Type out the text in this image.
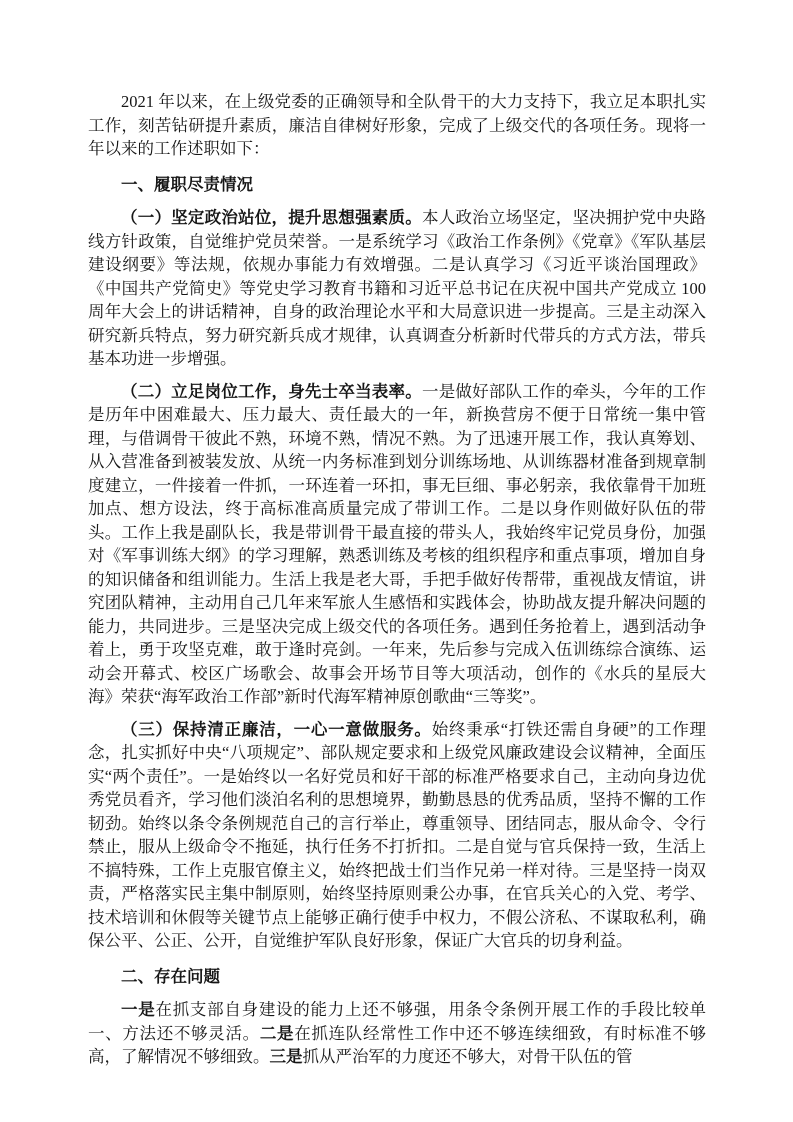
2021 年以来，在上级党委的正确领导和全队骨干的大力支持下，我立足本职扎实工作，刻苦钻研提升素质，廉洁自律树好形象，完成了上级交代的各项任务。现将一年以来的工作述职如下：

一、履职尽责情况

（一）坚定政治站位，提升思想强素质。本人政治立场坚定，坚决拥护党中央路线方针政策，自觉维护党员荣誉。一是系统学习《政治工作条例》《党章》《军队基层建设纲要》等法规，依规办事能力有效增强。二是认真学习《习近平谈治国理政》《中国共产党简史》等党史学习教育书籍和习近平总书记在庆祝中国共产党成立 100 周年大会上的讲话精神，自身的政治理论水平和大局意识进一步提高。三是主动深入研究新兵特点，努力研究新兵成才规律，认真调查分析新时代带兵的方式方法，带兵基本功进一步增强。

（二）立足岗位工作，身先士卒当表率。一是做好部队工作的牵头，今年的工作是历年中困难最大、压力最大、责任最大的一年，新换营房不便于日常统一集中管理，与借调骨干彼此不熟，环境不熟，情况不熟。为了迅速开展工作，我认真筹划、从入营准备到被装发放、从统一内务标准到划分训练场地、从训练器材准备到规章制度建立，一件接着一件抓，一环连着一环扣，事无巨细、事必躬亲，我依靠骨干加班加点、想方设法，终于高标准高质量完成了带训工作。二是以身作则做好队伍的带头。工作上我是副队长，我是带训骨干最直接的带头人，我始终牢记党员身份，加强对《军事训练大纲》的学习理解，熟悉训练及考核的组织程序和重点事项，增加自身的知识储备和组训能力。生活上我是老大哥，手把手做好传帮带，重视战友情谊，讲究团队精神，主动用自己几年来军旅人生感悟和实践体会，协助战友提升解决问题的能力，共同进步。三是坚决完成上级交代的各项任务。遇到任务抢着上，遇到活动争着上，勇于攻坚克难，敢于逢时亮剑。一年来，先后参与完成入伍训练综合演练、运动会开幕式、校区广场歌会、故事会开场节目等大项活动，创作的《水兵的星辰大海》荣获“海军政治工作部”新时代海军精神原创歌曲“三等奖”。

（三）保持清正廉洁，一心一意做服务。始终秉承“打铁还需自身硬”的工作理念，扎实抓好中央“八项规定”、部队规定要求和上级党风廉政建设会议精神，全面压实“两个责任”。一是始终以一名好党员和好干部的标准严格要求自己，主动向身边优秀党员看齐，学习他们淡泊名利的思想境界，勤勤恳恳的优秀品质，坚持不懈的工作韧劲。始终以条令条例规范自己的言行举止，尊重领导、团结同志，服从命令、令行禁止，服从上级命令不拖延，执行任务不打折扣。二是自觉与官兵保持一致，生活上不搞特殊，工作上克服官僚主义，始终把战士们当作兄弟一样对待。三是坚持一岗双责，严格落实民主集中制原则，始终坚持原则秉公办事，在官兵关心的入党、考学、技术培训和休假等关键节点上能够正确行使手中权力，不假公济私、不谋取私利，确保公平、公正、公开，自觉维护军队良好形象，保证广大官兵的切身利益。

二、存在问题

一是在抓支部自身建设的能力上还不够强，用条令条例开展工作的手段比较单一、方法还不够灵活。二是在抓连队经常性工作中还不够连续细致，有时标准不够高，了解情况不够细致。三是抓从严治军的力度还不够大，对骨干队伍的管
